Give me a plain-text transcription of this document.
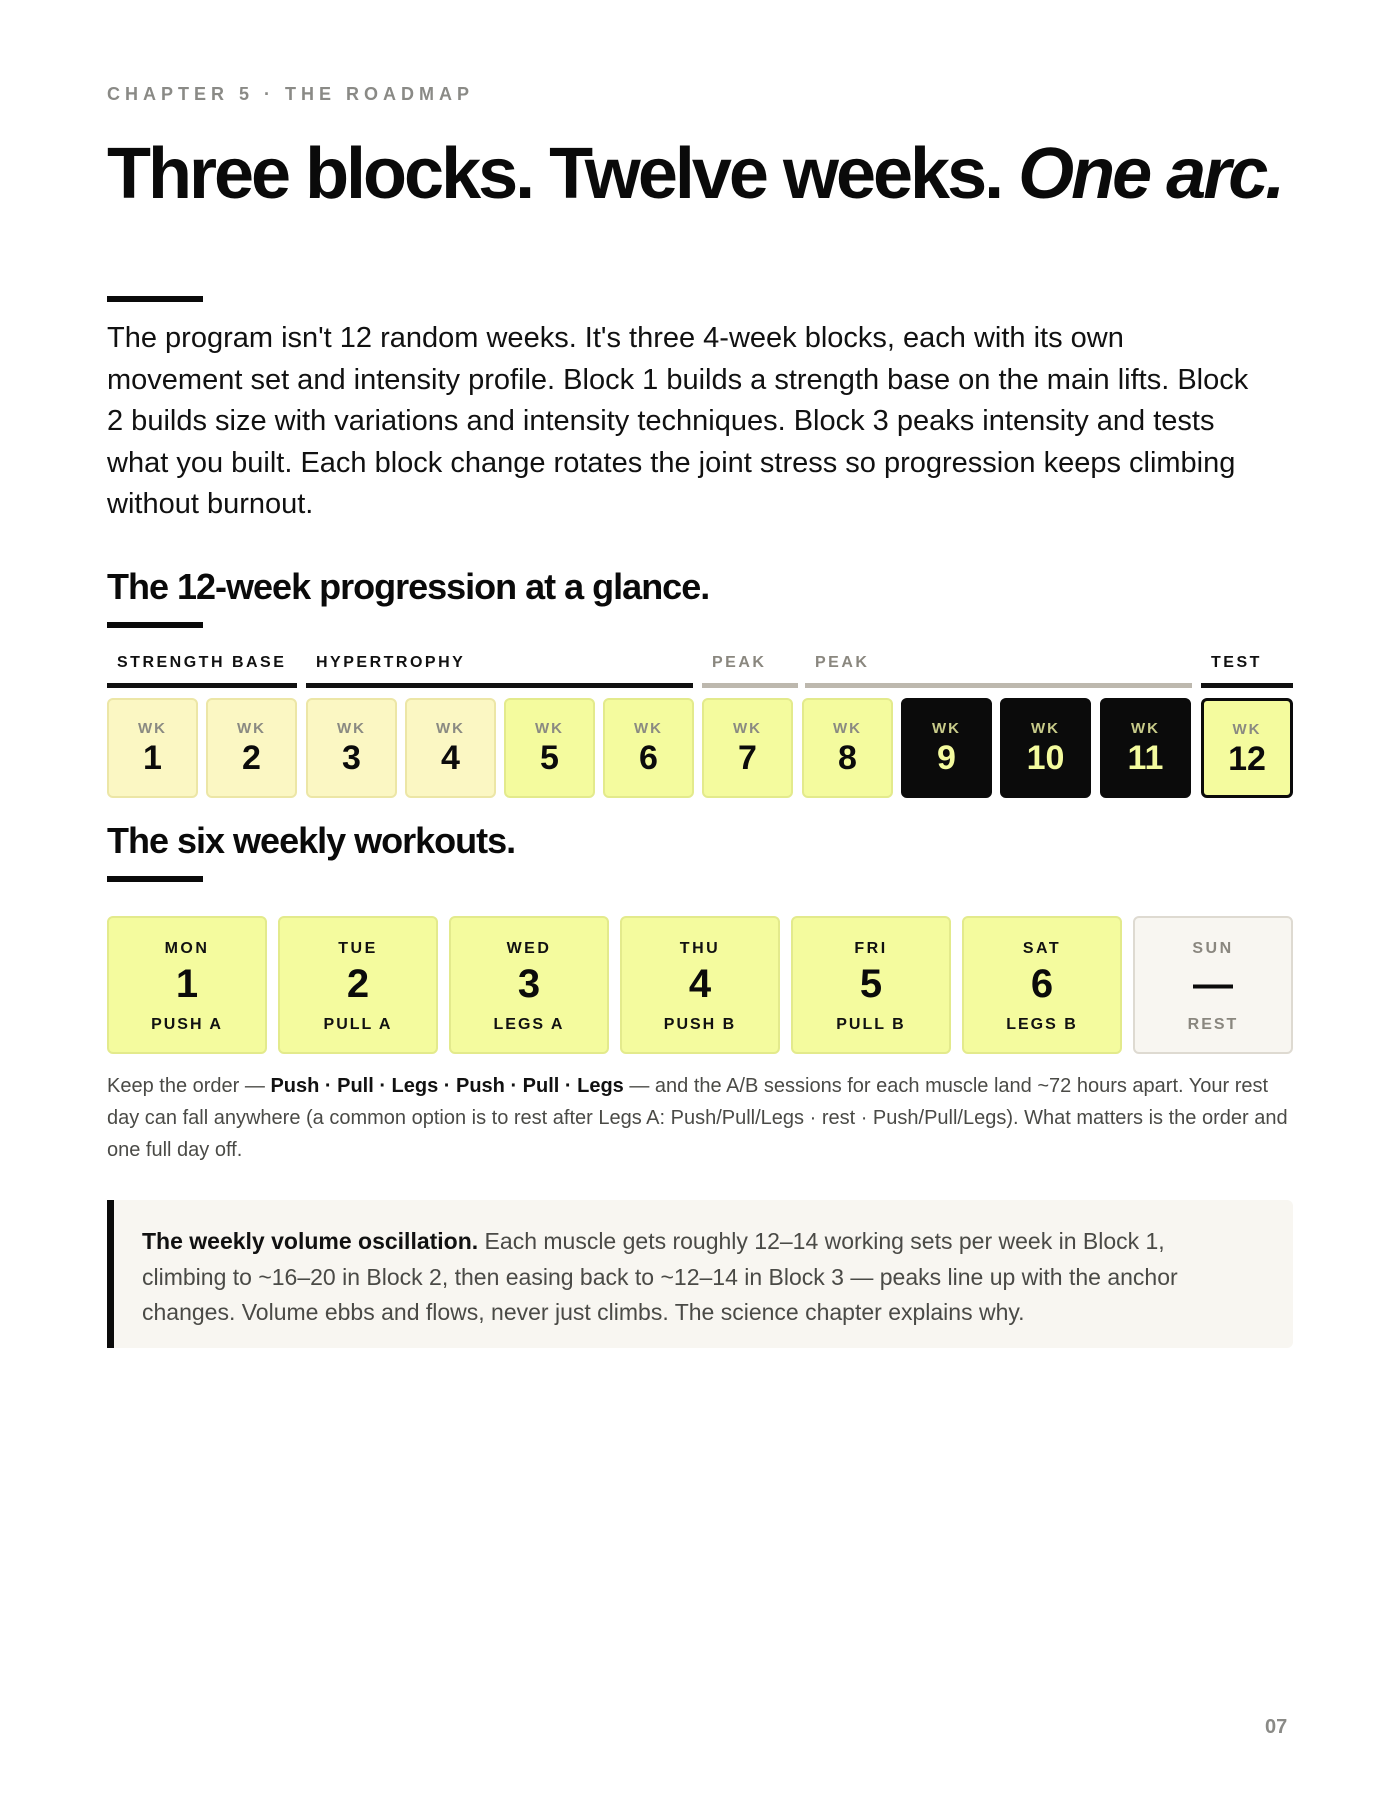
CHAPTER 5 · THE ROADMAP
Three blocks. Twelve weeks. One arc.

The program isn't 12 random weeks. It's three 4-week blocks, each with its own movement set and intensity profile. Block 1 builds a strength base on the main lifts. Block 2 builds size with variations and intensity techniques. Block 3 peaks intensity and tests what you built. Each block change rotates the joint stress so progression keeps climbing without burnout.

The 12-week progression at a glance.
STRENGTH BASE HYPERTROPHY	PEAK	PEAK	TEST
WK
1
WK
2
WK
3
WK
4
WK
5
WK
6
WK
7
WK
8
WK
9
WK
10
WK
11
WK
12
The six weekly workouts.
MON
1
PUSH A
TUE
2
PULL A
WED
3
LEGS A
THU
4
PUSH B
FRI
5
PULL B
SAT
6
LEGS B
SUN
—
REST

Keep the order — Push · Pull · Legs · Push · Pull · Legs — and the A/B sessions for each muscle land ~72 hours apart. Your rest day can fall anywhere (a common option is to rest after Legs A: Push/Pull/Legs · rest · Push/Pull/Legs). What matters is the order and one full day off.

The weekly volume oscillation. Each muscle gets roughly 12–14 working sets per week in Block 1, climbing to ~16–20 in Block 2, then easing back to ~12–14 in Block 3 — peaks line up with the anchor changes. Volume ebbs and flows, never just climbs. The science chapter explains why.

07
